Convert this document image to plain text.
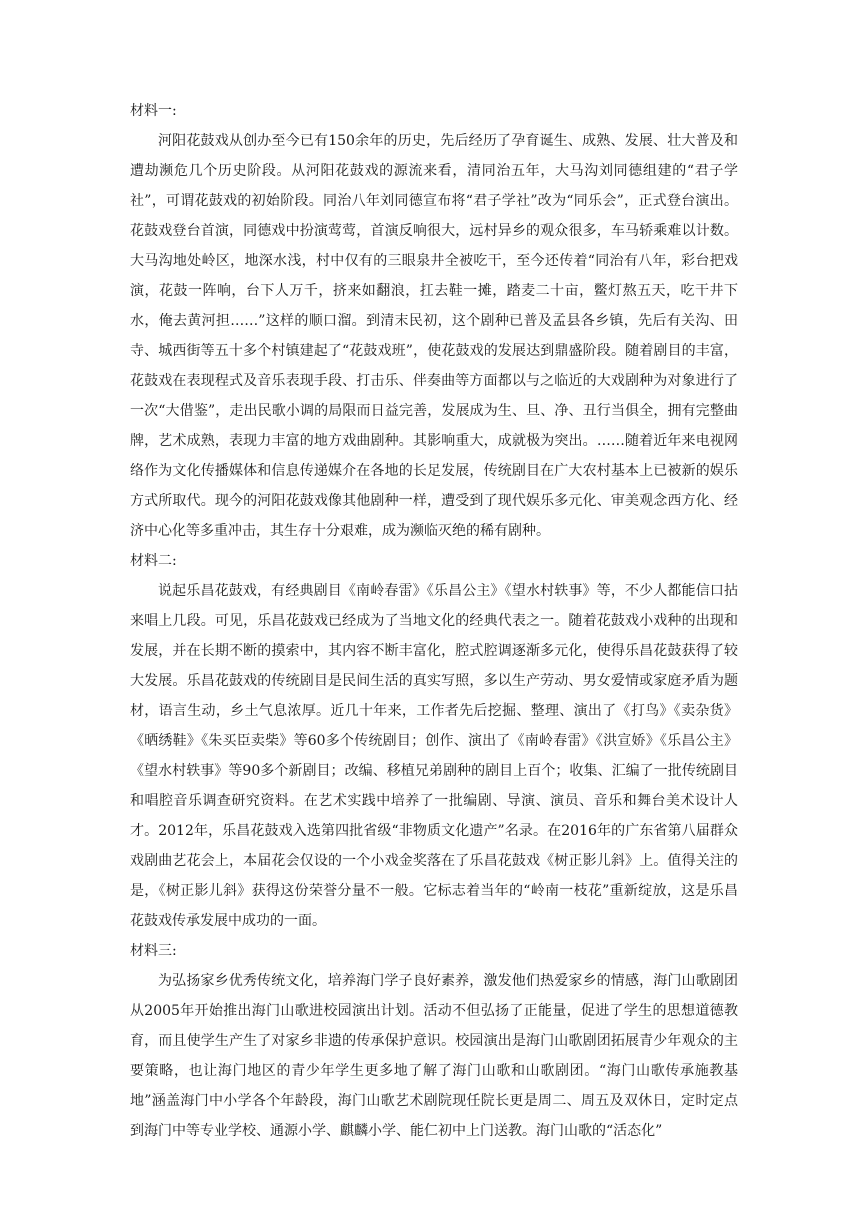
材料一:

河阳花鼓戏从创办至今已有150余年的历史，先后经历了孕育诞生、成熟、发展、壮大普及和遭劫濒危几个历史阶段。从河阳花鼓戏的源流来看，清同治五年，大马沟刘同德组建的“君子学社”，可谓花鼓戏的初始阶段。同治八年刘同德宣布将“君子学社”改为“同乐会”，正式登台演出。花鼓戏登台首演，同德戏中扮演莺莺，首演反响很大，远村异乡的观众很多，车马轿乘难以计数。大马沟地处岭区，地深水浅，村中仅有的三眼泉井全被吃干，至今还传着“同治有八年，彩台把戏演，花鼓一阵响，台下人万千，挤来如翻浪，扛去鞋一摊，踏麦二十亩，鳖灯熬五天，吃干井下水，俺去黄河担……”这样的顺口溜。到清末民初，这个剧种已普及孟县各乡镇，先后有关沟、田寺、城西街等五十多个村镇建起了“花鼓戏班”，使花鼓戏的发展达到鼎盛阶段。随着剧目的丰富，花鼓戏在表现程式及音乐表现手段、打击乐、伴奏曲等方面都以与之临近的大戏剧种为对象进行了一次“大借鉴”，走出民歌小调的局限而日益完善，发展成为生、旦、净、丑行当俱全，拥有完整曲牌，艺术成熟，表现力丰富的地方戏曲剧种。其影响重大，成就极为突出。……随着近年来电视网络作为文化传播媒体和信息传递媒介在各地的长足发展，传统剧目在广大农村基本上已被新的娱乐方式所取代。现今的河阳花鼓戏像其他剧种一样，遭受到了现代娱乐多元化、审美观念西方化、经济中心化等多重冲击，其生存十分艰难，成为濒临灭绝的稀有剧种。

材料二:

说起乐昌花鼓戏，有经典剧目《南岭春雷》《乐昌公主》《望水村轶事》等，不少人都能信口拈来唱上几段。可见，乐昌花鼓戏已经成为了当地文化的经典代表之一。随着花鼓戏小戏种的出现和发展，并在长期不断的摸索中，其内容不断丰富化，腔式腔调逐渐多元化，使得乐昌花鼓获得了较大发展。乐昌花鼓戏的传统剧目是民间生活的真实写照，多以生产劳动、男女爱情或家庭矛盾为题材，语言生动，乡土气息浓厚。近几十年来，工作者先后挖掘、整理、演出了《打鸟》《卖杂货》《晒绣鞋》《朱买臣卖柴》等60多个传统剧目；创作、演出了《南岭春雷》《洪宣娇》《乐昌公主》《望水村轶事》等90多个新剧目；改编、移植兄弟剧种的剧目上百个；收集、汇编了一批传统剧目和唱腔音乐调查研究资料。在艺术实践中培养了一批编剧、导演、演员、音乐和舞台美术设计人才。2012年，乐昌花鼓戏入选第四批省级“非物质文化遗产”名录。在2016年的广东省第八届群众戏剧曲艺花会上，本届花会仅设的一个小戏金奖落在了乐昌花鼓戏《树正影儿斜》上。值得关注的是，《树正影儿斜》获得这份荣誉分量不一般。它标志着当年的“岭南一枝花”重新绽放，这是乐昌花鼓戏传承发展中成功的一面。

材料三:

为弘扬家乡优秀传统文化，培养海门学子良好素养，激发他们热爱家乡的情感，海门山歌剧团从2005年开始推出海门山歌进校园演出计划。活动不但弘扬了正能量，促进了学生的思想道德教育，而且使学生产生了对家乡非遗的传承保护意识。校园演出是海门山歌剧团拓展青少年观众的主要策略，也让海门地区的青少年学生更多地了解了海门山歌和山歌剧团。“海门山歌传承施教基地”涵盖海门中小学各个年龄段，海门山歌艺术剧院现任院长更是周二、周五及双休日，定时定点到海门中等专业学校、通源小学、麒麟小学、能仁初中上门送教。海门山歌的“活态化”
